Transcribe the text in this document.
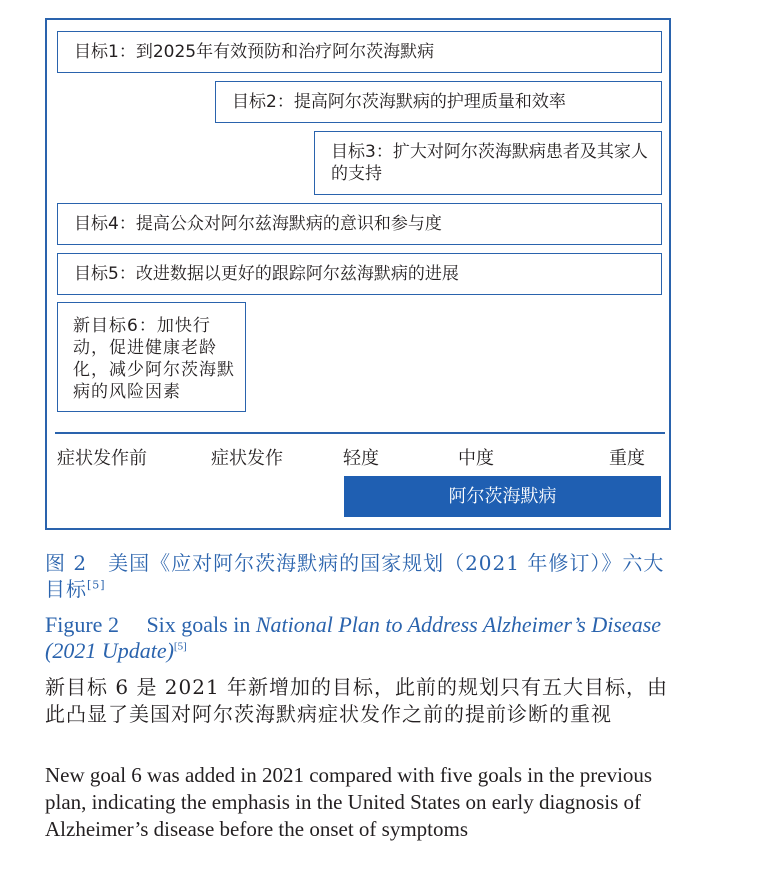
目标1：到2025年有效预防和治疗阿尔茨海默病
目标2：提高阿尔茨海默病的护理质量和效率
目标3：扩大对阿尔茨海默病患者及其家人的支持
目标4：提高公众对阿尔兹海默病的意识和参与度
目标5：改进数据以更好的跟踪阿尔兹海默病的进展
新目标6：加快行动，促进健康老龄化，减少阿尔茨海默病的风险因素
症状发作前	症状发作	轻度	中度	重度
阿尔茨海默病
图 2　美国《应对阿尔茨海默病的国家规划（2021 年修订）》六大目标[5]
Figure 2　 Six goals in National Plan to Address Alzheimer’s Disease (2021 Update)[5]
新目标 6 是 2021 年新增加的目标，此前的规划只有五大目标，由此凸显了美国对阿尔茨海默病症状发作之前的提前诊断的重视
New goal 6 was added in 2021 compared with five goals in the previous plan, indicating the emphasis in the United States on early diagnosis of Alzheimer’s disease before the onset of symptoms
